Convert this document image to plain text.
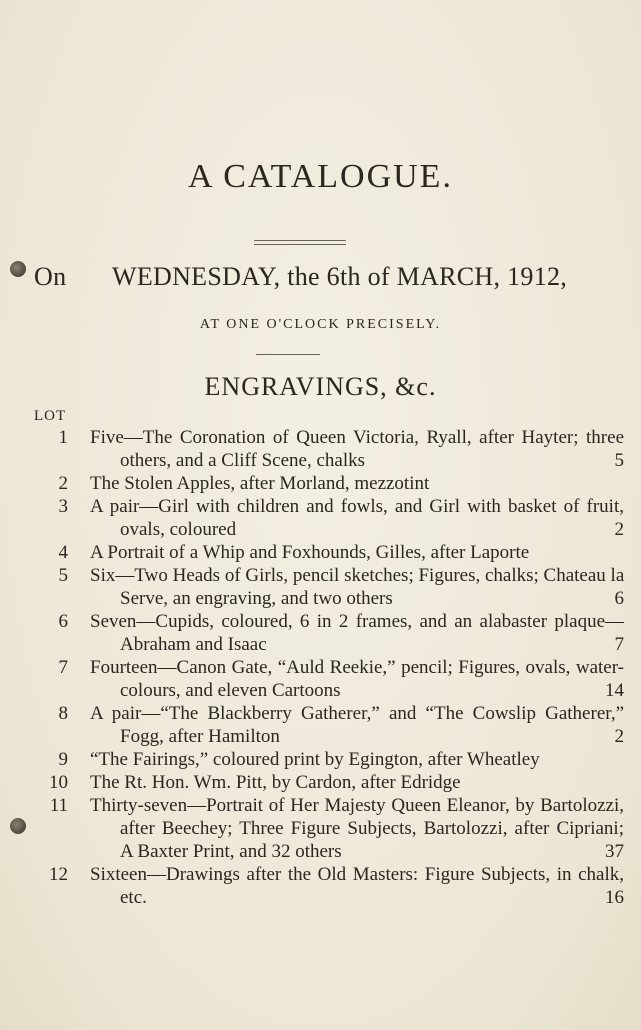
A CATALOGUE.
On WEDNESDAY, the 6th of MARCH, 1912,
AT ONE O'CLOCK PRECISELY.
ENGRAVINGS, &c.
LOT
1 Five—The Coronation of Queen Victoria, Ryall, after Hayter; three
others, and a Cliff Scene, chalks	5
2 The Stolen Apples, after Morland, mezzotint
3 A pair—Girl with children and fowls, and Girl with basket of fruit,
ovals, coloured	2
4 A Portrait of a Whip and Foxhounds, Gilles, after Laporte
5 Six—Two Heads of Girls, pencil sketches; Figures, chalks; Chateau la
Serve, an engraving, and two others	6
6 Seven—Cupids, coloured, 6 in 2 frames, and an alabaster plaque—
Abraham and Isaac	7
7 Fourteen—Canon Gate, “Auld Reekie,” pencil; Figures, ovals, water-
colours, and eleven Cartoons	14
8 A pair—“The Blackberry Gatherer,” and “The Cowslip Gatherer,”
Fogg, after Hamilton	2
9 “The Fairings,” coloured print by Egington, after Wheatley
10 The Rt. Hon. Wm. Pitt, by Cardon, after Edridge
11 Thirty-seven—Portrait of Her Majesty Queen Eleanor, by Bartolozzi,
after Beechey; Three Figure Subjects, Bartolozzi, after Cipriani;
A Baxter Print, and 32 others	37
12 Sixteen—Drawings after the Old Masters: Figure Subjects, in chalk,
etc.	16
